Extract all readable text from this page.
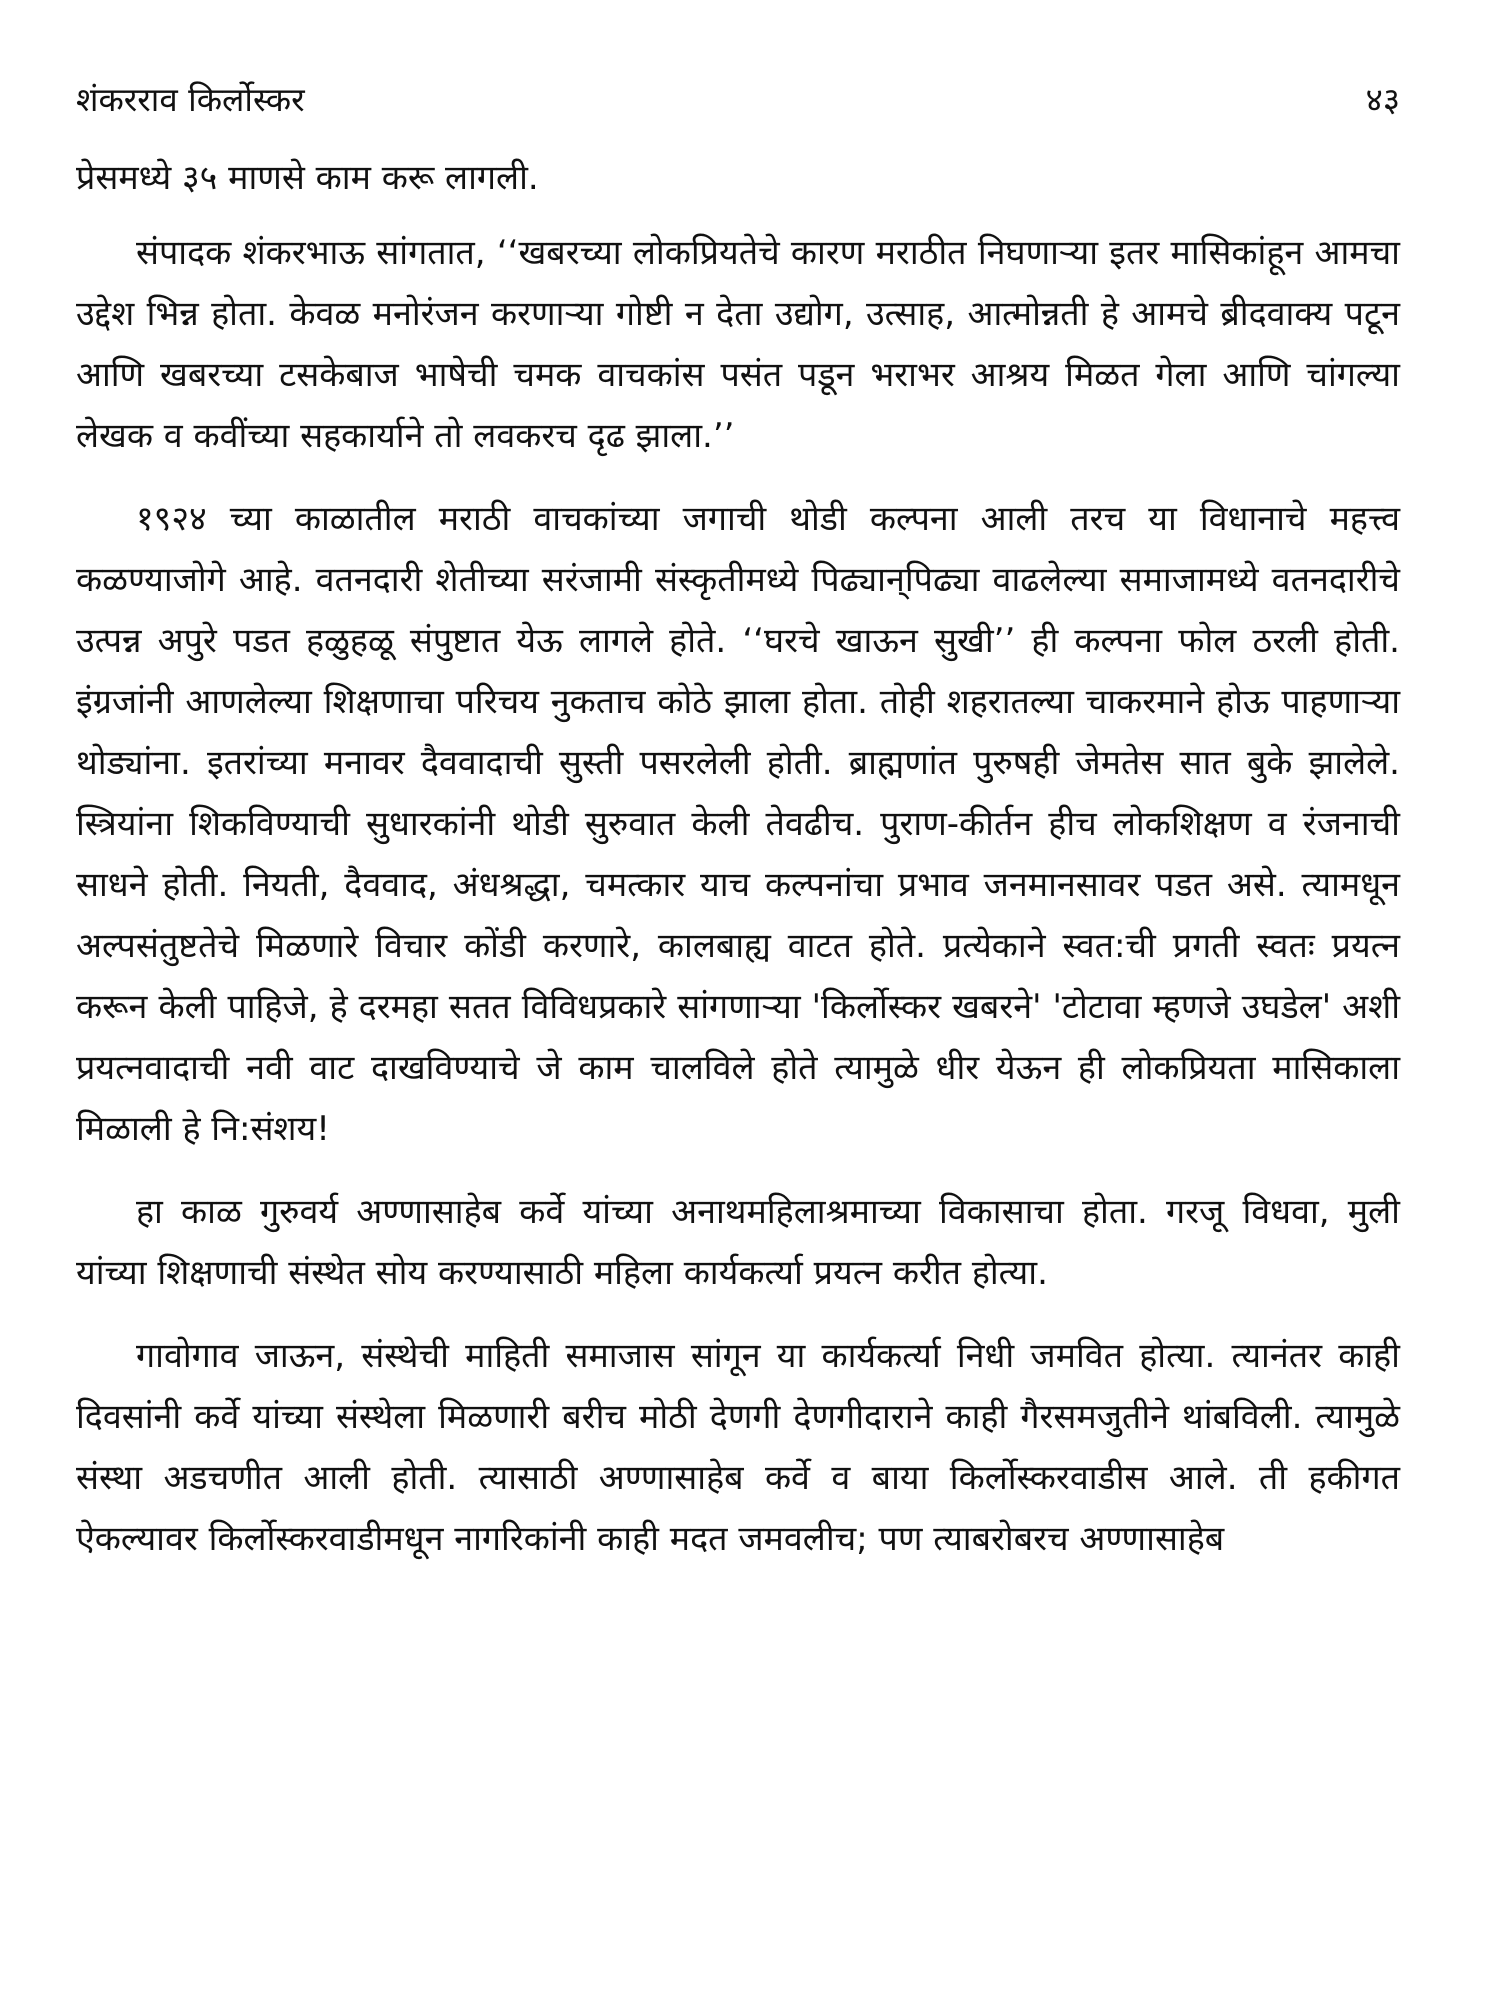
शंकरराव किर्लोस्कर	४३

प्रेसमध्ये ३५ माणसे काम करू लागली.

संपादक शंकरभाऊ सांगतात, ‘‘खबरच्या लोकप्रियतेचे कारण मराठीत निघणाऱ्या इतर मासिकांहून आमचा उद्देश भिन्न होता. केवळ मनोरंजन करणाऱ्या गोष्टी न देता उद्योग, उत्साह, आत्मोन्नती हे आमचे ब्रीदवाक्य पटून आणि खबरच्या टसकेबाज भाषेची चमक वाचकांस पसंत पडून भराभर आश्रय मिळत गेला आणि चांगल्या लेखक व कवींच्या सहकार्याने तो लवकरच दृढ झाला.’’

१९२४ च्या काळातील मराठी वाचकांच्या जगाची थोडी कल्पना आली तरच या विधानाचे महत्त्व कळण्याजोगे आहे. वतनदारी शेतीच्या सरंजामी संस्कृतीमध्ये पिढ्यान्‌पिढ्या वाढलेल्या समाजामध्ये वतनदारीचे उत्पन्न अपुरे पडत हळुहळू संपुष्टात येऊ लागले होते. ‘‘घरचे खाऊन सुखी’’ ही कल्पना फोल ठरली होती. इंग्रजांनी आणलेल्या शिक्षणाचा परिचय नुकताच कोठे झाला होता. तोही शहरातल्या चाकरमाने होऊ पाहणाऱ्या थोड्यांना. इतरांच्या मनावर दैववादाची सुस्ती पसरलेली होती. ब्राह्मणांत पुरुषही जेमतेस सात बुके झालेले. स्त्रियांना शिकविण्याची सुधारकांनी थोडी सुरुवात केली तेवढीच. पुराण-कीर्तन हीच लोकशिक्षण व रंजनाची साधने होती. नियती, दैववाद, अंधश्रद्धा, चमत्कार याच कल्पनांचा प्रभाव जनमानसावर पडत असे. त्यामधून अल्पसंतुष्टतेचे मिळणारे विचार कोंडी करणारे, कालबाह्य वाटत होते. प्रत्येकाने स्वत:ची प्रगती स्वतः प्रयत्न करून केली पाहिजे, हे दरमहा सतत विविधप्रकारे सांगणाऱ्या 'किर्लोस्कर खबरने' 'टोटावा म्हणजे उघडेल' अशी प्रयत्नवादाची नवी वाट दाखविण्याचे जे काम चालविले होते त्यामुळे धीर येऊन ही लोकप्रियता मासिकाला मिळाली हे नि:संशय!

हा काळ गुरुवर्य अण्णासाहेब कर्वे यांच्या अनाथमहिलाश्रमाच्या विकासाचा होता. गरजू विधवा, मुली यांच्या शिक्षणाची संस्थेत सोय करण्यासाठी महिला कार्यकर्त्या प्रयत्न करीत होत्या.

गावोगाव जाऊन, संस्थेची माहिती समाजास सांगून या कार्यकर्त्या निधी जमवित होत्या. त्यानंतर काही दिवसांनी कर्वे यांच्या संस्थेला मिळणारी बरीच मोठी देणगी देणगीदाराने काही गैरसमजुतीने थांबविली. त्यामुळे संस्था अडचणीत आली होती. त्यासाठी अण्णासाहेब कर्वे व बाया किर्लोस्करवाडीस आले. ती हकीगत ऐकल्यावर किर्लोस्करवाडीमधून नागरिकांनी काही मदत जमवलीच; पण त्याबरोबरच अण्णासाहेब
